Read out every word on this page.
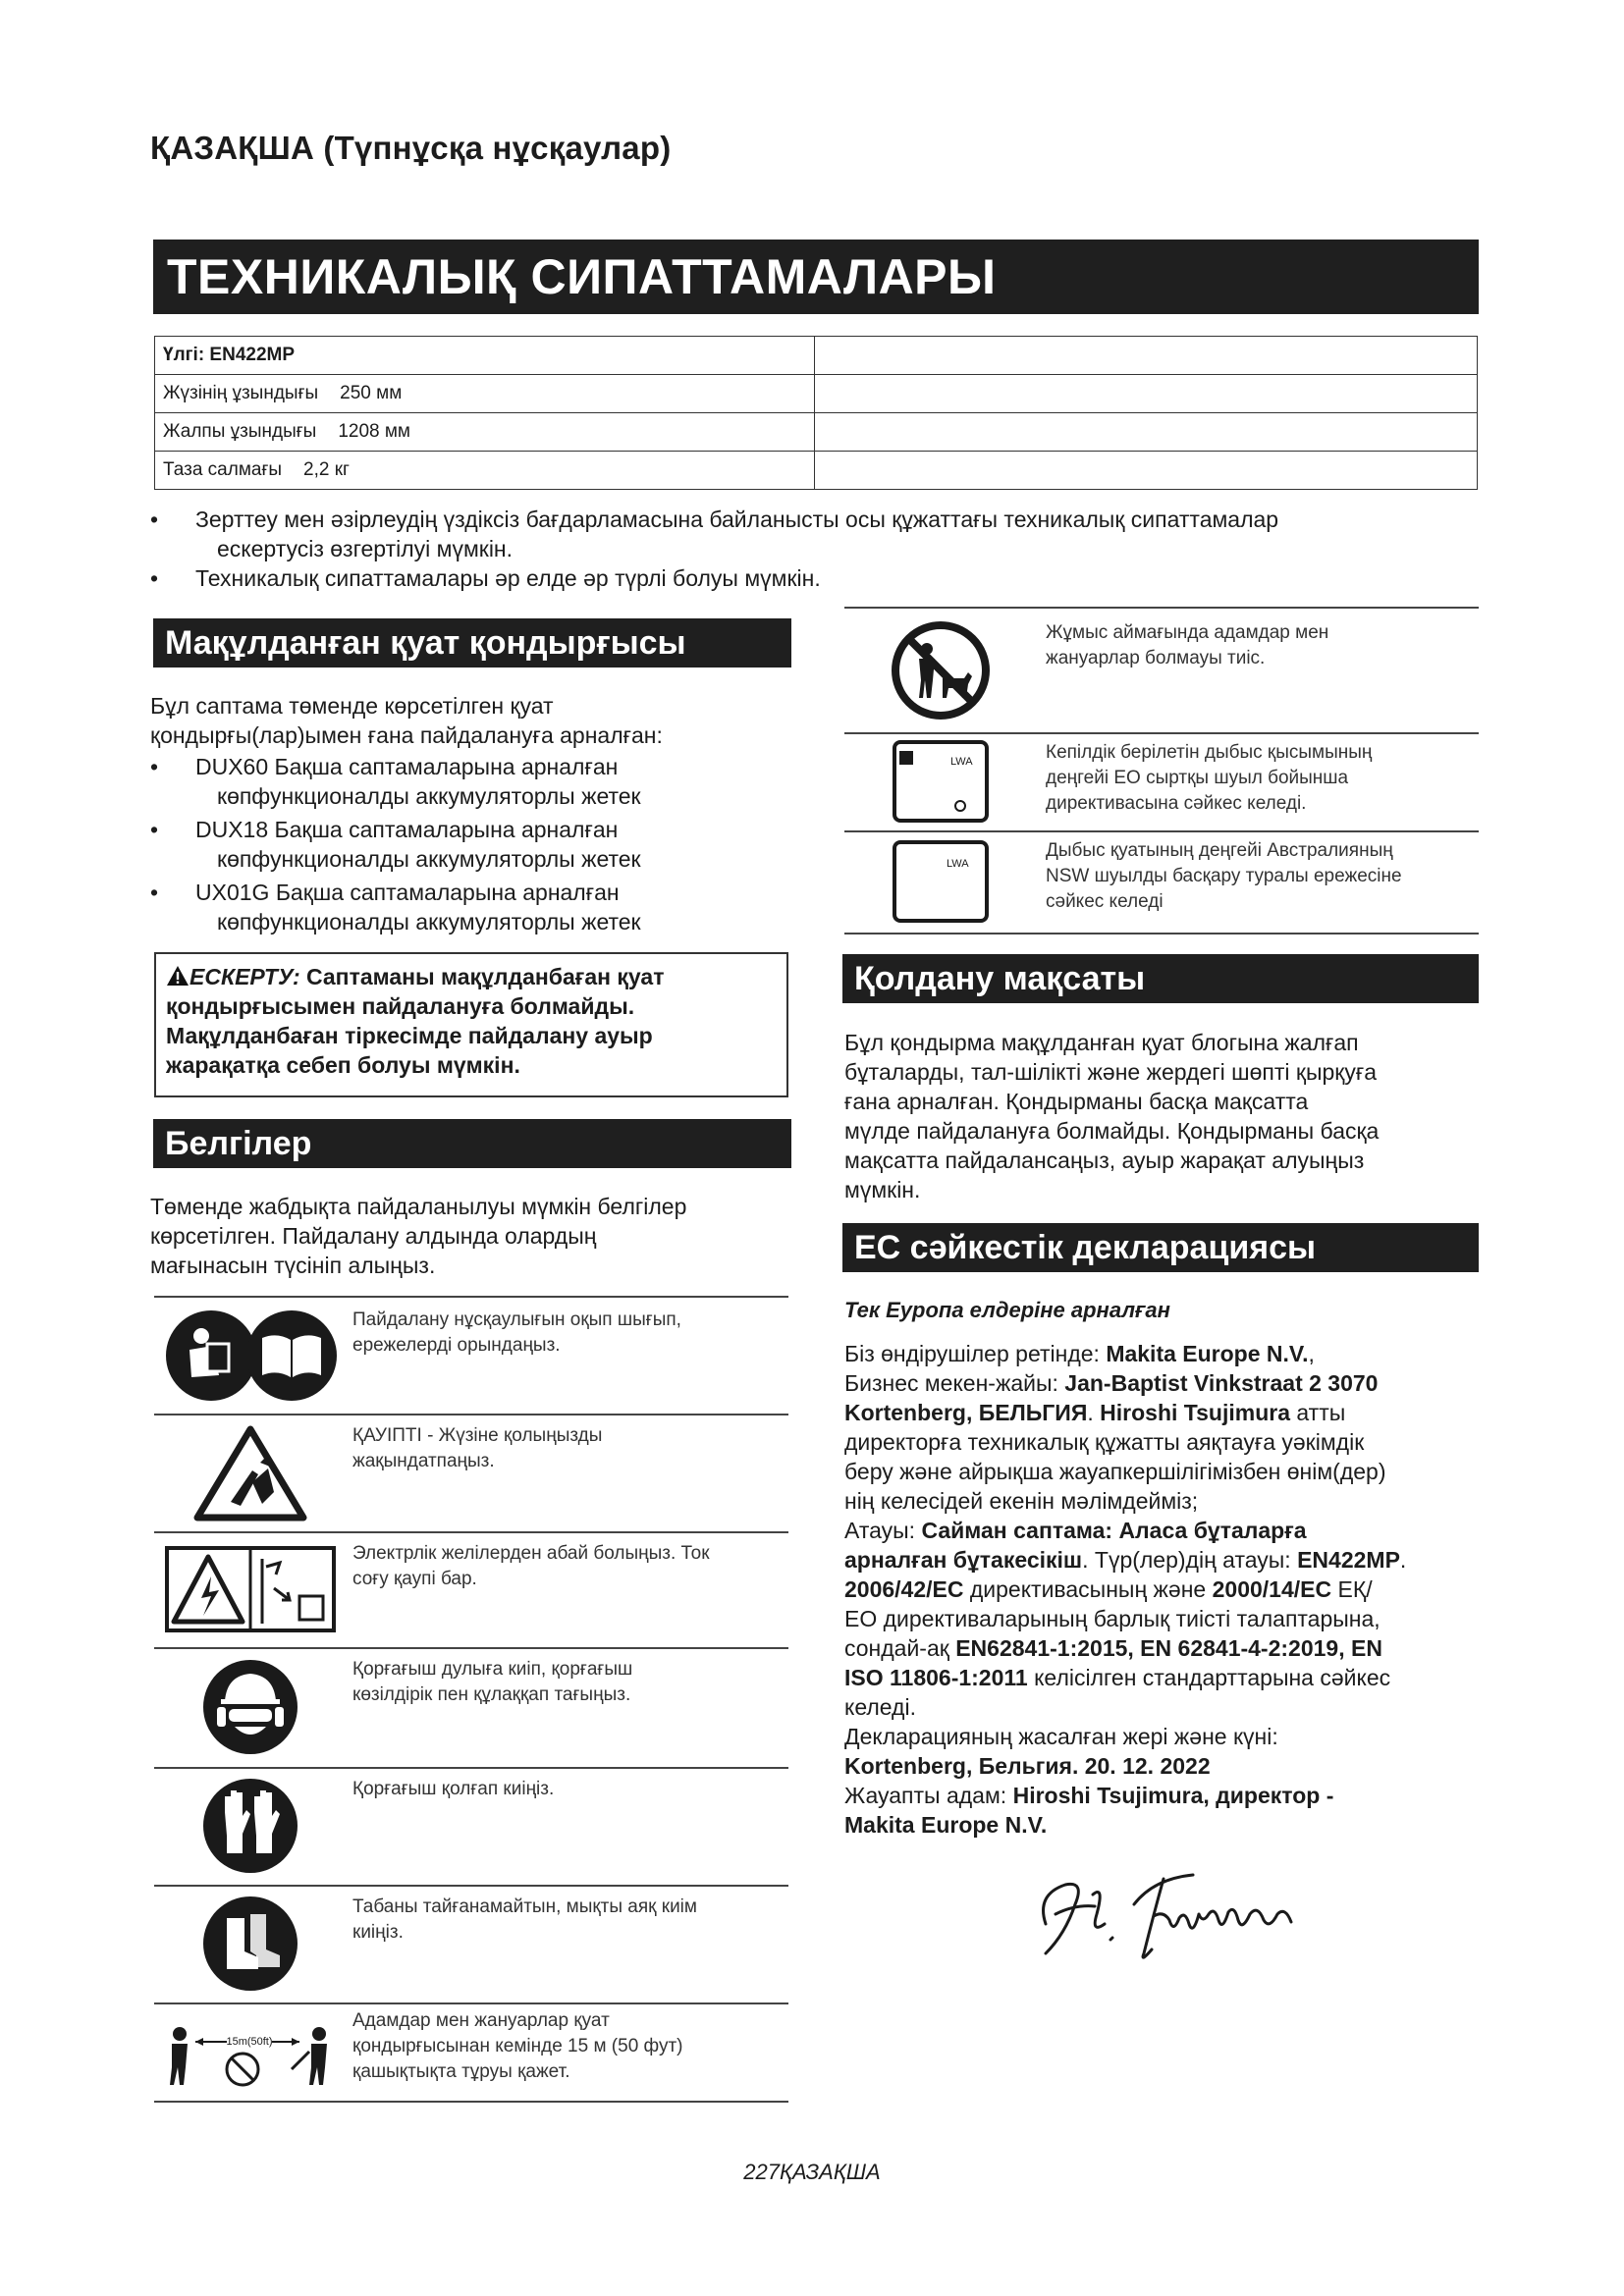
ҚАЗАҚША (Түпнұсқа нұсқаулар)
ТЕХНИКАЛЫҚ СИПАТТАМАЛАРЫ
Үлгі: EN422MP	
Жүзінің ұзындығы 250 мм	
Жалпы ұзындығы 1208 мм	
Таза салмағы 2,2 кг	
• Зерттеу мен әзірлеудің үздіксіз бағдарламасына байланысты осы құжаттағы техникалық сипаттамалар
ескертусіз өзгертілуі мүмкін.
• Техникалық сипаттамалары әр елде әр түрлі болуы мүмкін.
Мақұлданған қуат қондырғысы
Бұл саптама төменде көрсетілген қуат
қондырғы(лар)ымен ғана пайдалануға арналған:
• DUX60 Бақша саптамаларына арналған
көпфункционалды аккумуляторлы жетек
• DUX18 Бақша саптамаларына арналған
көпфункционалды аккумуляторлы жетек
• UX01G Бақша саптамаларына арналған
көпфункционалды аккумуляторлы жетек
ЕСКЕРТУ: Саптаманы мақұлданбаған қуат
қондырғысымен пайдалануға болмайды.
Мақұлданбаған тіркесімде пайдалану ауыр
жарақатқа себеп болуы мүмкін.
Белгілер
Төменде жабдықта пайдаланылуы мүмкін белгілер
көрсетілген. Пайдалану алдында олардың
мағынасын түсініп алыңыз.
Пайдалану нұсқаулығын оқып шығып,
ережелерді орындаңыз.
ҚАУІПТІ - Жүзіне қолыңызды
жақындатпаңыз.
Электрлік желілерден абай болыңыз. Ток
соғу қаупі бар.
Қорғағыш дулыға киіп, қорғағыш
көзілдірік пен құлаққап тағыңыз.
Қорғағыш қолғап киіңіз.
Табаны тайғанамайтын, мықты аяқ киім
киіңіз.
15m(50ft)
Адамдар мен жануарлар қуат
қондырғысынан кемінде 15 м (50 фут)
қашықтықта тұруы қажет.
Жұмыс аймағында адамдар мен
жануарлар болмауы тиіс.
LWA	Кепілдік берілетін дыбыс қысымының
деңгейі ЕО сыртқы шуыл бойынша
директивасына сәйкес келеді.
LWA
Дыбыс қуатының деңгейі Австралияның
NSW шуылды басқару туралы ережесіне
сәйкес келеді
Қолдану мақсаты
Бұл қондырма мақұлданған қуат блогына жалғап
бұталарды, тал-шілікті және жердегі шөпті қырқуға
ғана арналған. Қондырманы басқа мақсатта
мүлде пайдалануға болмайды. Қондырманы басқа
мақсатта пайдалансаңыз, ауыр жарақат алуыңыз
мүмкін.
ЕС сәйкестік декларациясы
Тек Еуропа елдеріне арналған
Біз өндірушілер ретінде: Makita Europe N.V.,
Бизнес мекен-жайы: Jan-Baptist Vinkstraat 2 3070
Kortenberg, БЕЛЬГИЯ. Hiroshi Tsujimura атты
директорға техникалық құжатты аяқтауға уәкімдік
беру және айрықша жауапкершілігімізбен өнім(дер)
нің келесідей екенін мәлімдейміз;
Атауы: Сайман саптама: Аласа бұталарға
арналған бұтакесікіш. Түр(лер)дің атауы: EN422MP.
2006/42/EC директивасының және 2000/14/EC ЕҚ/
ЕО директиваларының барлық тиісті талаптарына,
сондай-ақ EN62841-1:2015, EN 62841-4-2:2019, EN
ISO 11806-1:2011 келісілген стандарттарына сәйкес
келеді.
Декларацияның жасалған жері және күні:
Kortenberg, Бельгия. 20. 12. 2022
Жауапты адам: Hiroshi Tsujimura, директор -
Makita Europe N.V.
227ҚАЗАҚША
